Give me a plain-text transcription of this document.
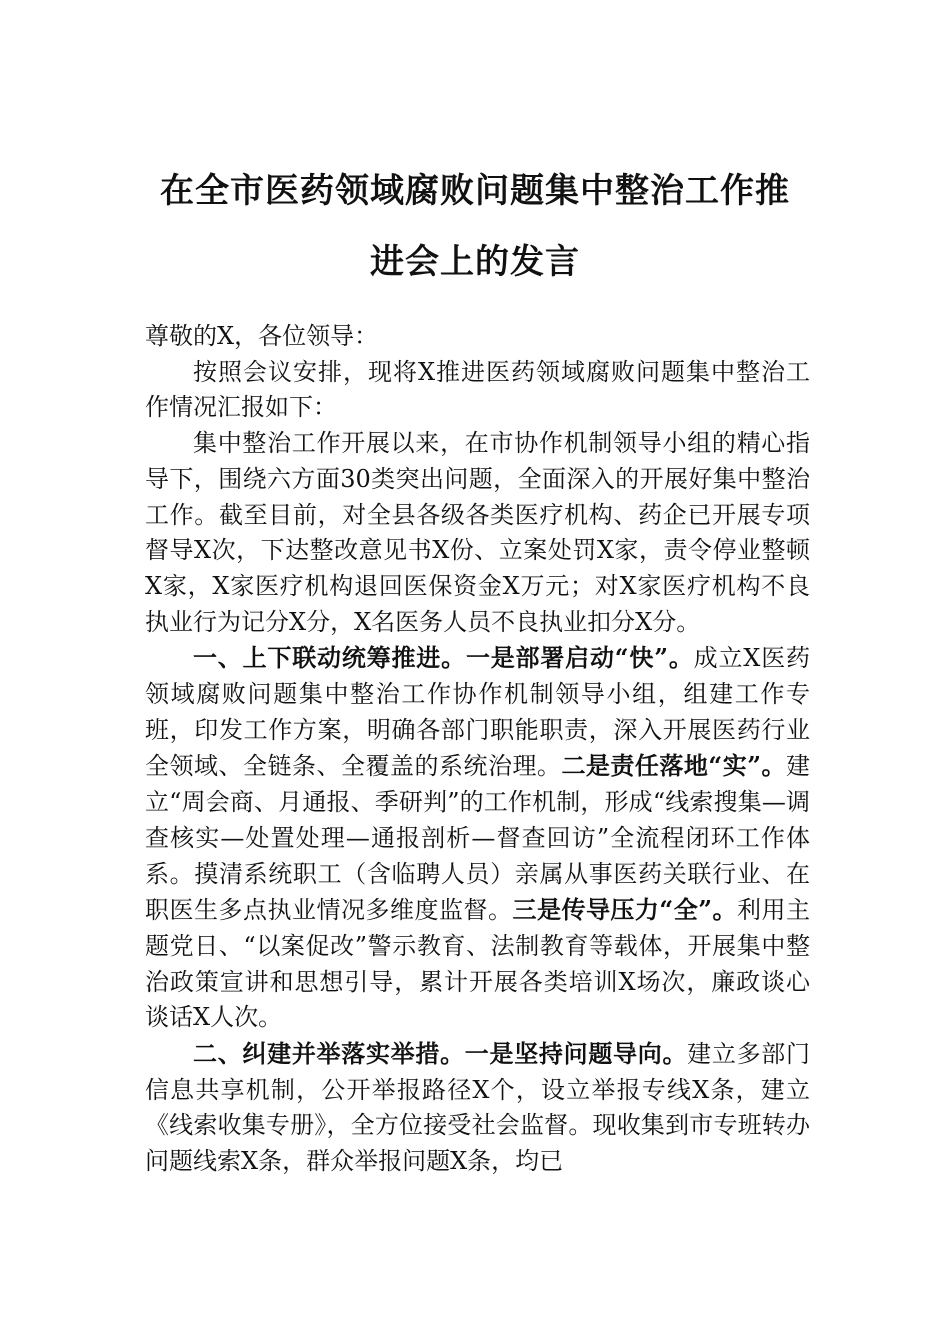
在全市医药领域腐败问题集中整治工作推
进会上的发言

尊敬的X，各位领导：

按照会议安排，现将X推进医药领域腐败问题集中整治工作情况汇报如下：

集中整治工作开展以来，在市协作机制领导小组的精心指导下，围绕六方面30类突出问题，全面深入的开展好集中整治工作。截至目前，对全县各级各类医疗机构、药企已开展专项督导X次，下达整改意见书X份、立案处罚X家，责令停业整顿X家，X家医疗机构退回医保资金X万元；对X家医疗机构不良执业行为记分X分，X名医务人员不良执业扣分X分。

一、上下联动统筹推进。一是部署启动“快”。成立X医药领域腐败问题集中整治工作协作机制领导小组，组建工作专班，印发工作方案，明确各部门职能职责，深入开展医药行业全领域、全链条、全覆盖的系统治理。二是责任落地“实”。建立“周会商、月通报、季研判”的工作机制，形成“线索搜集—调查核实—处置处理—通报剖析—督查回访”全流程闭环工作体系。摸清系统职工（含临聘人员）亲属从事医药关联行业、在职医生多点执业情况多维度监督。三是传导压力“全”。利用主题党日、“以案促改”警示教育、法制教育等载体，开展集中整治政策宣讲和思想引导，累计开展各类培训X场次，廉政谈心谈话X人次。

二、纠建并举落实举措。一是坚持问题导向。建立多部门信息共享机制，公开举报路径X个，设立举报专线X条，建立《线索收集专册》，全方位接受社会监督。现收集到市专班转办问题线索X条，群众举报问题X条，均已
